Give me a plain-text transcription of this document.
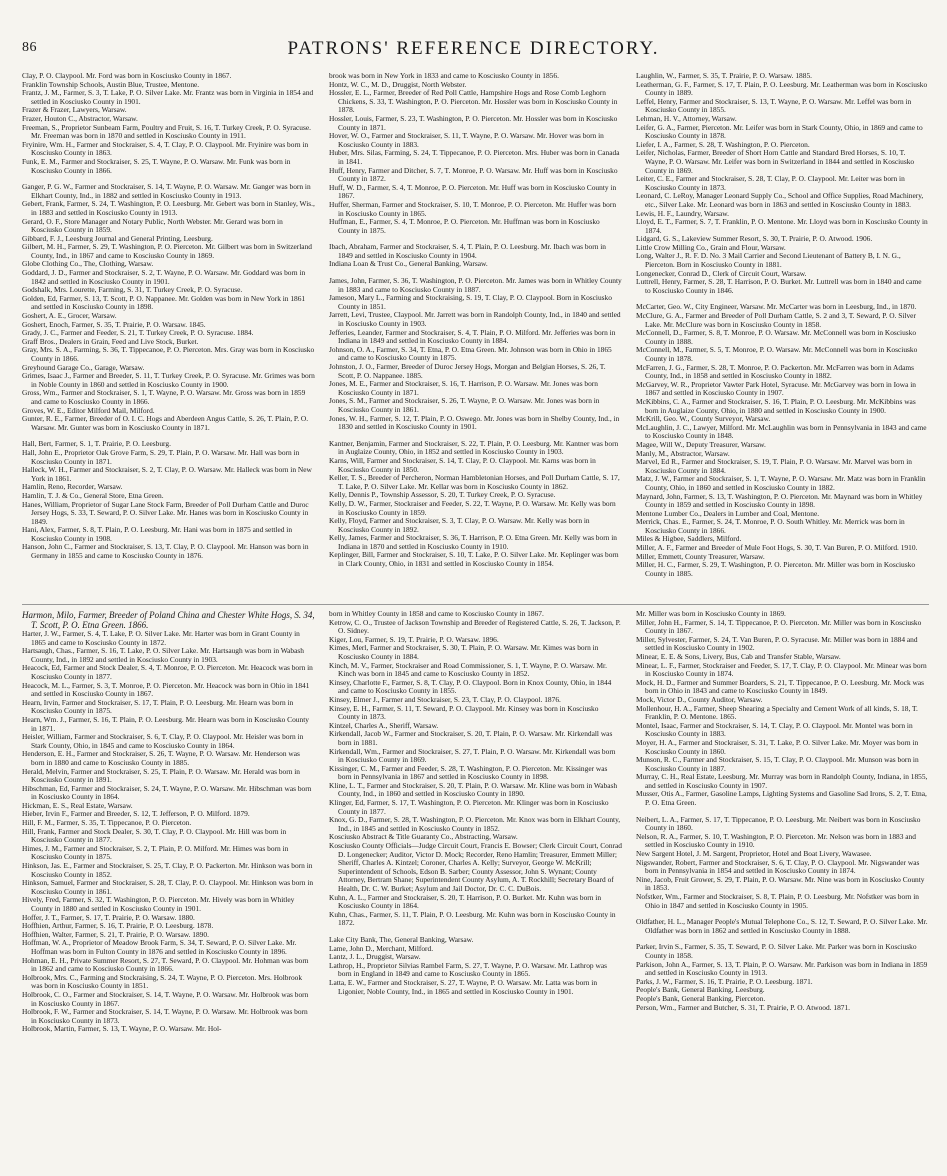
86	PATRONS' REFERENCE DIRECTORY.

Clay, P. O. Claypool. Mr. Ford was born in Kosciusko County in 1867.

Franklin Township Schools, Austin Blue, Trustee, Mentone.

Frantz, J. M., Farmer, S. 3, T. Lake, P. O. Silver Lake. Mr. Frantz was born in Virginia in 1854 and settled in Kosciusko County in 1901.

Frazer & Frazer, Lawyers, Warsaw.

Frazer, Houton C., Abstractor, Warsaw.

Freeman, S., Proprietor Sunbeam Farm, Poultry and Fruit, S. 16, T. Turkey Creek, P. O. Syracuse. Mr. Freeman was born in 1870 and settled in Kosciusko County in 1911.

Fryinire, Wm. H., Farmer and Stockraiser, S. 4, T. Clay, P. O. Claypool. Mr. Fryinire was born in Kosciusko County in 1863.

Funk, E. M., Farmer and Stockraiser, S. 25, T. Wayne, P. O. Warsaw. Mr. Funk was born in Kosciusko County in 1866.

Ganger, P. G. W., Farmer and Stockraiser, S. 14, T. Wayne, P. O. Warsaw. Mr. Ganger was born in Elkhart County, Ind., in 1882 and settled in Kosciusko County in 1913.

Gebert, Frank, Farmer, S. 24, T. Washington, P. O. Leesburg. Mr. Gebert was born in Stanley, Wis., in 1883 and settled in Kosciusko County in 1913.

Gerard, O. F., Store Manager and Notary Public, North Webster. Mr. Gerard was born in Kosciusko County in 1859.

Gibbard, F. J., Leesburg Journal and General Printing, Leesburg.

Gilbert, M. H., Farmer, S. 29, T. Washington, P. O. Pierceton. Mr. Gilbert was born in Switzerland County, Ind., in 1867 and came to Kosciusko County in 1869.

Globe Clothing Co., The, Clothing, Warsaw.

Goddard, J. D., Farmer and Stockraiser, S. 2, T. Wayne, P. O. Warsaw. Mr. Goddard was born in 1842 and settled in Kosciusko County in 1901.

Godshalk, Mrs. Lourette, Farming, S. 31, T. Turkey Creek, P. O. Syracuse.

Golden, Ed, Farmer, S. 13, T. Scott, P. O. Nappanee. Mr. Golden was born in New York in 1861 and settled in Kosciusko County in 1898.

Goshert, A. E., Grocer, Warsaw.

Goshert, Enoch, Farmer, S. 35, T. Prairie, P. O. Warsaw. 1845.

Grady, J. C., Farmer and Feeder, S. 21, T. Turkey Creek, P. O. Syracuse. 1884.

Graff Bros., Dealers in Grain, Feed and Live Stock, Burket.

Gray, Mrs. S. A., Farming, S. 36, T. Tippecanoe, P. O. Pierceton. Mrs. Gray was born in Kosciusko County in 1866.

Greyhound Garage Co., Garage, Warsaw.

Grimes, Isaac J., Farmer and Breeder, S. 11, T. Turkey Creek, P. O. Syracuse. Mr. Grimes was born in Noble County in 1860 and settled in Kosciusko County in 1900.

Gross, Wm., Farmer and Stockraiser, S. 1, T. Wayne, P. O. Warsaw. Mr. Gross was born in 1859 and came to Kosciusko County in 1866.

Groves, W. E., Editor Milford Mail, Milford.

Gunter, R. E., Farmer, Breeder of O. I. C. Hogs and Aberdeen Angus Cattle, S. 26, T. Plain, P. O. Warsaw. Mr. Gunter was born in Kosciusko County in 1871.

Hall, Bert, Farmer, S. 1, T. Prairie, P. O. Leesburg.

Hall, John E., Proprietor Oak Grove Farm, S. 29, T. Plain, P. O. Warsaw. Mr. Hall was born in Kosciusko County in 1871.

Halleck, W. H., Farmer and Stockraiser, S. 2, T. Clay, P. O. Warsaw. Mr. Halleck was born in New York in 1861.

Hamlin, Reno, Recorder, Warsaw.

Hamlin, T. J. & Co., General Store, Etna Green.

Hanes, William, Proprietor of Sugar Lane Stock Farm, Breeder of Poll Durham Cattle and Duroc Jersey Hogs, S. 33, T. Seward, P. O. Silver Lake. Mr. Hanes was born in Kosciusko County in 1849.

Hani, Alex, Farmer, S. 8, T. Plain, P. O. Leesburg. Mr. Hani was born in 1875 and settled in Kosciusko County in 1908.

Hanson, John C., Farmer and Stockraiser, S. 13, T. Clay, P. O. Claypool. Mr. Hanson was born in Germany in 1855 and came to Kosciusko County in 1876.

brook was born in New York in 1833 and came to Kosciusko County in 1856.

Hontz, W. C., M. D., Druggist, North Webster.

Hossler, E. L., Farmer, Breeder of Red Poll Cattle, Hampshire Hogs and Rose Comb Leghorn Chickens, S. 33, T. Washington, P. O. Pierceton. Mr. Hossler was born in Kosciusko County in 1878.

Hossler, Louis, Farmer, S. 23, T. Washington, P. O. Pierceton. Mr. Hossler was born in Kosciusko County in 1871.

Hover, W. O., Farmer and Stockraiser, S. 11, T. Wayne, P. O. Warsaw. Mr. Hover was born in Kosciusko County in 1883.

Huber, Mrs. Silas, Farming, S. 24, T. Tippecanoe, P. O. Pierceton. Mrs. Huber was born in Canada in 1841.

Huff, Henry, Farmer and Ditcher, S. 7, T. Monroe, P. O. Warsaw. Mr. Huff was born in Kosciusko County in 1872.

Huff, W. D., Farmer, S. 4, T. Monroe, P. O. Pierceton. Mr. Huff was born in Kosciusko County in 1867.

Huffer, Sherman, Farmer and Stockraiser, S. 10, T. Monroe, P. O. Pierceton. Mr. Huffer was born in Kosciusko County in 1865.

Huffman, E., Farmer, S. 4, T. Monroe, P. O. Pierceton. Mr. Huffman was born in Kosciusko County in 1875.

Ibach, Abraham, Farmer and Stockraiser, S. 4, T. Plain, P. O. Leesburg. Mr. Ibach was born in 1849 and settled in Kosciusko County in 1904.

Indiana Loan & Trust Co., General Banking, Warsaw.

James, John, Farmer, S. 36, T. Washington, P. O. Pierceton. Mr. James was born in Whitley County in 1883 and came to Kosciusko County in 1887.

Jameson, Mary L., Farming and Stockraising, S. 19, T. Clay, P. O. Claypool. Born in Kosciusko County in 1851.

Jarrett, Levi, Trustee, Claypool. Mr. Jarrett was born in Randolph County, Ind., in 1840 and settled in Kosciusko County in 1903.

Jefferies, Leander, Farmer and Stockraiser, S. 4, T. Plain, P. O. Milford. Mr. Jefferies was born in Indiana in 1849 and settled in Kosciusko County in 1884.

Johnson, O. A., Farmer, S. 34, T. Etna, P. O. Etna Green. Mr. Johnson was born in Ohio in 1865 and came to Kosciusko County in 1875.

Johnston, J. O., Farmer, Breeder of Duroc Jersey Hogs, Morgan and Belgian Horses, S. 26, T. Scott, P. O. Nappanee. 1885.

Jones, M. E., Farmer and Stockraiser, S. 16, T. Harrison, P. O. Warsaw. Mr. Jones was born Kosciusko County in 1871.

Jones, S. M., Farmer and Stockraiser, S. 26, T. Wayne, P. O. Warsaw. Mr. Jones was born in Kosciusko County in 1861.

Jones, W. H., Farmer, S. 12, T. Plain, P. O. Oswego. Mr. Jones was born in Shelby County, Ind., in 1830 and settled in Kosciusko County in 1901.

Kantner, Benjamin, Farmer and Stockraiser, S. 22, T. Plain, P. O. Leesburg. Mr. Kantner was born in Auglaize County, Ohio, in 1852 and settled in Kosciusko County in 1903.

Karns, Will, Farmer and Stockraiser, S. 14, T. Clay, P. O. Claypool. Mr. Karns was born in Kosciusko County in 1850.

Keller, T. S., Breeder of Percheron, Norman Hambletonian Horses, and Poll Durham Cattle, S. 17, T. Lake, P. O. Silver Lake. Mr. Kellar was born in Kosciusko County in 1862.

Kelly, Dennis P., Township Assessor, S. 20, T. Turkey Creek, P. O. Syracuse.

Kelly, D. W., Farmer, Stockraiser and Feeder, S. 22, T. Wayne, P. O. Warsaw. Mr. Kelly was born in Kosciusko County in 1859.

Kelly, Floyd, Farmer and Stockraiser, S. 3, T. Clay, P. O. Warsaw. Mr. Kelly was born in Kosciusko County in 1892.

Kelly, James, Farmer and Stockraiser, S. 36, T. Harrison, P. O. Etna Green. Mr. Kelly was born in Indiana in 1870 and settled in Kosciusko County in 1910.

Keplinger, Bill, Farmer and Stockraiser, S. 10, T. Lake, P. O. Silver Lake. Mr. Keplinger was born in Clark County, Ohio, in 1831 and settled in Kosciusko County in 1854.

Laughlin, W., Farmer, S. 35, T. Prairie, P. O. Warsaw. 1885.

Leatherman, G. F., Farmer, S. 17, T. Plain, P. O. Leesburg. Mr. Leatherman was born in Kosciusko County in 1889.

Leffel, Henry, Farmer and Stockraiser, S. 13, T. Wayne, P. O. Warsaw. Mr. Leffel was born in Kosciusko County in 1855.

Lehman, H. V., Attorney, Warsaw.

Leifer, G. A., Farmer, Pierceton. Mr. Leifer was born in Stark County, Ohio, in 1869 and came to Kosciusko County in 1878.

Liefer, I. A., Farmer, S. 28, T. Washington, P. O. Pierceton.

Leifer, Nicholas, Farmer, Breeder of Short Horn Cattle and Standard Bred Horses, S. 10, T. Wayne, P. O. Warsaw. Mr. Leifer was born in Switzerland in 1844 and settled in Kosciusko County in 1869.

Leiter, C. E., Farmer and Stockraiser, S. 28, T. Clay, P. O. Claypool. Mr. Leiter was born in Kosciusko County in 1873.

Leonard, C. LeRoy, Manager Leonard Supply Co., School and Office Supplies, Road Machinery, etc., Silver Lake. Mr. Leonard was born in 1863 and settled in Kosciusko County in 1883.

Lewis, H. F., Laundry, Warsaw.

Lloyd, E. T., Farmer, S. 7, T. Franklin, P. O. Mentone. Mr. Lloyd was born in Kosciusko County in 1874.

Lidgard, G. S., Lakeview Summer Resort, S. 30, T. Prairie, P. O. Atwood. 1906.

Little Crow Milling Co., Grain and Flour, Warsaw.

Long, Walter J., R. F. D. No. 3 Mail Carrier and Second Lieutenant of Battery B, I. N. G., Pierceton. Born in Kosciusko County in 1881.

Longenecker, Conrad D., Clerk of Circuit Court, Warsaw.

Luttrell, Henry, Farmer, S. 28, T. Harrison, P. O. Burket. Mr. Luttrell was born in 1840 and came to Kosciusko County in 1846.

McCarter, Geo. W., City Engineer, Warsaw. Mr. McCarter was born in Leesburg, Ind., in 1870.

McClure, G. A., Farmer and Breeder of Poll Durham Cattle, S. 2 and 3, T. Seward, P. O. Silver Lake. Mr. McClure was born in Kosciusko County in 1858.

McConnell, D., Farmer, S. 8, T. Monroe, P. O. Warsaw. Mr. McConnell was born in Kosciusko County in 1888.

McConnell, M., Farmer, S. 5, T. Monroe, P. O. Warsaw. Mr. McConnell was born in Kosciusko County in 1878.

McFarren, J. G., Farmer, S. 28, T. Monroe, P. O. Packerton. Mr. McFarren was born in Adams County, Ind., in 1858 and settled in Kosciusko County in 1882.

McGarvey, W. R., Proprietor Vawter Park Hotel, Syracuse. Mr. McGarvey was born in Iowa in 1867 and settled in Kosciusko County in 1907.

McKibbins, C. A., Farmer and Stockraiser, S. 16, T. Plain, P. O. Leesburg. Mr. McKibbins was born in Auglaize County, Ohio, in 1880 and settled in Kosciusko County in 1900.

McKrill, Geo. W., County Surveyor, Warsaw.

McLaughlin, J. C., Lawyer, Milford. Mr. McLaughlin was born in Pennsylvania in 1843 and came to Kosciusko County in 1848.

Magee, Will W., Deputy Treasurer, Warsaw.

Manly, M., Abstractor, Warsaw.

Marvel, Ed R., Farmer and Stockraiser, S. 19, T. Plain, P. O. Warsaw. Mr. Marvel was born in Kosciusko County in 1884.

Matz, J. W., Farmer and Stockraiser, S. 1, T. Wayne, P. O. Warsaw. Mr. Matz was born in Franklin County, Ohio, in 1860 and settled in Kosciusko County in 1882.

Maynard, John, Farmer, S. 13, T. Washington, P. O. Pierceton. Mr. Maynard was born in Whitley County in 1859 and settled in Kosciusko County in 1898.

Mentone Lumber Co., Dealers in Lumber and Coal, Mentone.

Merrick, Chas. E., Farmer, S. 24, T. Monroe, P. O. South Whitley. Mr. Merrick was born in Kosciusko County in 1866.

Miles & Higbee, Saddlers, Milford.

Miller, A. F., Farmer and Breeder of Mule Foot Hogs, S. 30, T. Van Buren, P. O. Milford. 1910.

Miller, Emmett, County Treasurer, Warsaw.

Miller, H. C., Farmer, S. 29, T. Washington, P. O. Pierceton. Mr. Miller was born in Kosciusko County in 1885.

Harmon, Milo, Farmer, Breeder of Poland China and Chester White Hogs, S. 34, T. Scott, P. O. Etna Green. 1866.

Harter, J. W., Farmer, S. 4, T. Lake, P. O. Silver Lake. Mr. Harter was born in Grant County in 1865 and came to Kosciusko County in 1872.

Hartsaugh, Chas., Farmer, S. 16, T. Lake, P. O. Silver Lake. Mr. Hartsaugh was born in Wabash County, Ind., in 1892 and settled in Kosciusko County in 1903.

Heacock, Ed, Farmer and Stock Dealer, S. 4, T. Monroe, P. O. Pierceton. Mr. Heacock was born in Kosciusko County in 1877.

Heacock, M. L., Farmer, S. 3, T. Monroe, P. O. Pierceton. Mr. Heacock was born in Ohio in 1841 and settled in Kosciusko County in 1867.

Hearn, Irvin, Farmer and Stockraiser, S. 17, T. Plain, P. O. Leesburg. Mr. Hearn was born in Kosciusko County in 1875.

Hearn, Wm. J., Farmer, S. 16, T. Plain, P. O. Leesburg. Mr. Hearn was born in Kosciusko County in 1871.

Heisler, William, Farmer and Stockraiser, S. 6, T. Clay, P. O. Claypool. Mr. Heisler was born in Stark County, Ohio, in 1845 and came to Kosciusko County in 1864.

Henderson, E. H., Farmer and Stockraiser, S. 26, T. Wayne, P. O. Warsaw. Mr. Henderson was born in 1880 and came to Kosciusko County in 1885.

Herald, Melvin, Farmer and Stockraiser, S. 25, T. Plain, P. O. Warsaw. Mr. Herald was born in Kosciusko County in 1891.

Hibschman, Ed, Farmer and Stockraiser, S. 24, T. Wayne, P. O. Warsaw. Mr. Hibschman was born in Kosciusko County in 1864.

Hickman, E. S., Real Estate, Warsaw.

Hieber, Irvin F., Farmer and Breeder, S. 12, T. Jefferson, P. O. Milford. 1879.

Hill, F. M., Farmer, S. 35, T. Tippecanoe, P. O. Pierceton.

Hill, Frank, Farmer and Stock Dealer, S. 30, T. Clay, P. O. Claypool. Mr. Hill was born in Kosciusko County in 1877.

Himes, J. M., Farmer and Stockraiser, S. 2, T. Plain, P. O. Milford. Mr. Himes was born in Kosciusko County in 1875.

Hinkson, Jas. E., Farmer and Stockraiser, S. 25, T. Clay, P. O. Packerton. Mr. Hinkson was born in Kosciusko County in 1852.

Hinkson, Samuel, Farmer and Stockraiser, S. 28, T. Clay, P. O. Claypool. Mr. Hinkson was born in Kosciusko County in 1861.

Hively, Fred, Farmer, S. 32, T. Washington, P. O. Pierceton. Mr. Hively was born in Whitley County in 1880 and settled in Kosciusko County in 1901.

Hoffer, J. T., Farmer, S. 17, T. Prairie, P. O. Warsaw. 1880.

Hoffhien, Arthur, Farmer, S. 16, T. Prairie, P. O. Leesburg. 1878.

Hoffhien, Walter, Farmer, S. 21, T. Prairie, P. O. Warsaw. 1890.

Hoffman, W. A., Proprietor of Meadow Brook Farm, S. 34, T. Seward, P. O. Silver Lake. Mr. Hoffman was born in Fulton County in 1876 and settled in Kosciusko County in 1896.

Hohman, E. H., Private Summer Resort, S. 27, T. Seward, P. O. Claypool. Mr. Hohman was born in 1862 and came to Kosciusko County in 1866.

Holbrook, Mrs. C., Farming and Stockraising, S. 24, T. Wayne, P. O. Pierceton. Mrs. Holbrook was born in Kosciusko County in 1851.

Holbrook, C. O., Farmer and Stockraiser, S. 14, T. Wayne, P. O. Warsaw. Mr. Holbrook was born in Kosciusko County in 1867.

Holbrook, F. W., Farmer and Stockraiser, S. 14, T. Wayne, P. O. Warsaw. Mr. Holbrook was born in Kosciusko County in 1873.

Holbrook, Martin, Farmer, S. 13, T. Wayne, P. O. Warsaw. Mr. Hol-

born in Whitley County in 1858 and came to Kosciusko County in 1867.

Ketrow, C. O., Trustee of Jackson Township and Breeder of Registered Cattle, S. 26, T. Jackson, P. O. Sidney.

Kiger, Lou, Farmer, S. 19, T. Prairie, P. O. Warsaw. 1896.

Kimes, Merl, Farmer and Stockraiser, S. 30, T. Plain, P. O. Warsaw. Mr. Kimes was born in Kosciusko County in 1884.

Kinch, M. V., Farmer, Stockraiser and Road Commissioner, S. 1, T. Wayne, P. O. Warsaw. Mr. Kinch was born in 1845 and came to Kosciusko County in 1852.

Kinsey, Charlotte F., Farmer, S. 8, T. Clay, P. O. Claypool. Born in Knox County, Ohio, in 1844 and came to Kosciusko County in 1855.

Kinsey, Elmer J., Farmer and Stockraiser, S. 23, T. Clay, P. O. Claypool. 1876.

Kinsey, E. H., Farmer, S. 11, T. Seward, P. O. Claypool. Mr. Kinsey was born in Kosciusko County in 1873.

Kintzel, Charles A., Sheriff, Warsaw.

Kirkendall, Jacob W., Farmer and Stockraiser, S. 20, T. Plain, P. O. Warsaw. Mr. Kirkendall was born in 1881.

Kirkendall, Wm., Farmer and Stockraiser, S. 27, T. Plain, P. O. Warsaw. Mr. Kirkendall was born in Kosciusko County in 1869.

Kissinger, C. M., Farmer and Feeder, S. 28, T. Washington, P. O. Pierceton. Mr. Kissinger was born in Pennsylvania in 1867 and settled in Kosciusko County in 1898.

Kline, L. T., Farmer and Stockraiser, S. 20, T. Plain, P. O. Warsaw. Mr. Kline was born in Wabash County, Ind., in 1860 and settled in Kosciusko County in 1890.

Klinger, Ed, Farmer, S. 17, T. Washington, P. O. Pierceton. Mr. Klinger was born in Kosciusko County in 1877.

Knox, G. D., Farmer, S. 28, T. Washington, P. O. Pierceton. Mr. Knox was born in Elkhart County, Ind., in 1845 and settled in Kosciusko County in 1852.

Kosciusko Abstract & Title Guaranty Co., Abstracting, Warsaw.

Kosciusko County Officials—Judge Circuit Court, Francis E. Bowser; Clerk Circuit Court, Conrad D. Longenecker; Auditor, Victor D. Mock; Recorder, Reno Hamlin; Treasurer, Emmett Miller; Sheriff, Charles A. Kintzel; Coroner, Charles A. Kelly; Surveyor, George W. McKrill; Superintendent of Schools, Edson B. Sarber; County Assessor, John S. Wynant; County Attorney, Bertram Shane; Superintendent County Asylum, A. T. Rockhill; Secretary Board of Health, Dr. C. W. Burket; Asylum and Jail Doctor, Dr. C. C. DuBois.

Kuhn, A. L., Farmer and Stockraiser, S. 20, T. Harrison, P. O. Burket. Mr. Kuhn was born in Kosciusko County in 1864.

Kuhn, Chas., Farmer, S. 11, T. Plain, P. O. Leesburg. Mr. Kuhn was born in Kosciusko County in 1872.

Lake City Bank, The, General Banking, Warsaw.

Lame, John D., Merchant, Milford.

Lantz, J. L., Druggist, Warsaw.

Lathrop, H., Proprietor Silvias Rambel Farm, S. 27, T. Wayne, P. O. Warsaw. Mr. Lathrop was born in England in 1849 and came to Kosciusko County in 1865.

Latta, E. W., Farmer and Stockraiser, S. 27, T. Wayne, P. O. Warsaw. Mr. Latta was born in Ligonier, Noble County, Ind., in 1865 and settled in Kosciusko County in 1901.

Mr. Miller was born in Kosciusko County in 1869.

Miller, John H., Farmer, S. 14, T. Tippecanoe, P. O. Pierceton. Mr. Miller was born in Kosciusko County in 1867.

Miller, Sylvester, Farmer, S. 24, T. Van Buren, P. O. Syracuse. Mr. Miller was born in 1884 and settled in Kosciusko County in 1902.

Minear, E. E. & Sons, Livery, Bus, Cab and Transfer Stable, Warsaw.

Minear, L. F., Farmer, Stockraiser and Feeder, S. 17, T. Clay, P. O. Claypool. Mr. Minear was born in Kosciusko County in 1874.

Mock, H. D., Farmer and Summer Boarders, S. 21, T. Tippecanoe, P. O. Leesburg. Mr. Mock was born in Ohio in 1843 and came to Kosciusko County in 1849.

Mock, Victor D., County Auditor, Warsaw.

Mollenhour, H. A., Farmer, Sheep Shearing a Specialty and Cement Work of all kinds, S. 18, T. Franklin, P. O. Mentone. 1865.

Montel, Isaac, Farmer and Stockraiser, S. 14, T. Clay, P. O. Claypool. Mr. Montel was born in Kosciusko County in 1883.

Moyer, H. A., Farmer and Stockraiser, S. 31, T. Lake, P. O. Silver Lake. Mr. Moyer was born in Kosciusko County in 1860.

Munson, R. C., Farmer and Stockraiser, S. 15, T. Clay, P. O. Claypool. Mr. Munson was born in Kosciusko County in 1887.

Murray, C. H., Real Estate, Leesburg. Mr. Murray was born in Randolph County, Indiana, in 1855, and settled in Kosciusko County in 1907.

Musser, Otis A., Farmer, Gasoline Lamps, Lighting Systems and Gasoline Sad Irons, S. 2, T. Etna, P. O. Etna Green.

Neibert, L. A., Farmer, S. 17, T. Tippecanoe, P. O. Leesburg. Mr. Neibert was born in Kosciusko County in 1860.

Nelson, R. A., Farmer, S. 10, T. Washington, P. O. Pierceton. Mr. Nelson was born in 1883 and settled in Kosciusko County in 1910.

New Sargent Hotel, J. M. Sargent, Proprietor, Hotel and Boat Livery, Wawasee.

Nigswander, Robert, Farmer and Stockraiser, S. 6, T. Clay, P. O. Claypool. Mr. Nigswander was born in Pennsylvania in 1854 and settled in Kosciusko County in 1874.

Nine, Jacob, Fruit Grower, S. 29, T. Plain, P. O. Warsaw. Mr. Nine was born in Kosciusko County in 1853.

Nofstker, Wm., Farmer and Stockraiser, S. 8, T. Plain, P. O. Leesburg. Mr. Nofstker was born in Ohio in 1847 and settled in Kosciusko County in 1905.

Oldfather, H. L., Manager People's Mutual Telephone Co., S. 12, T. Seward, P. O. Silver Lake. Mr. Oldfather was born in 1862 and settled in Kosciusko County in 1888.

Parker, Irvin S., Farmer, S. 35, T. Seward, P. O. Silver Lake. Mr. Parker was born in Kosciusko County in 1858.

Parkison, John A., Farmer, S. 13, T. Plain, P. O. Warsaw. Mr. Parkison was born in Indiana in 1859 and settled in Kosciusko County in 1913.

Parks, J. W., Farmer, S. 16, T. Prairie, P. O. Leesburg. 1871.

People's Bank, General Banking, Leesburg.

People's Bank, General Banking, Pierceton.

Person, Wm., Farmer and Butcher, S. 31, T. Prairie, P. O. Atwood. 1871.
